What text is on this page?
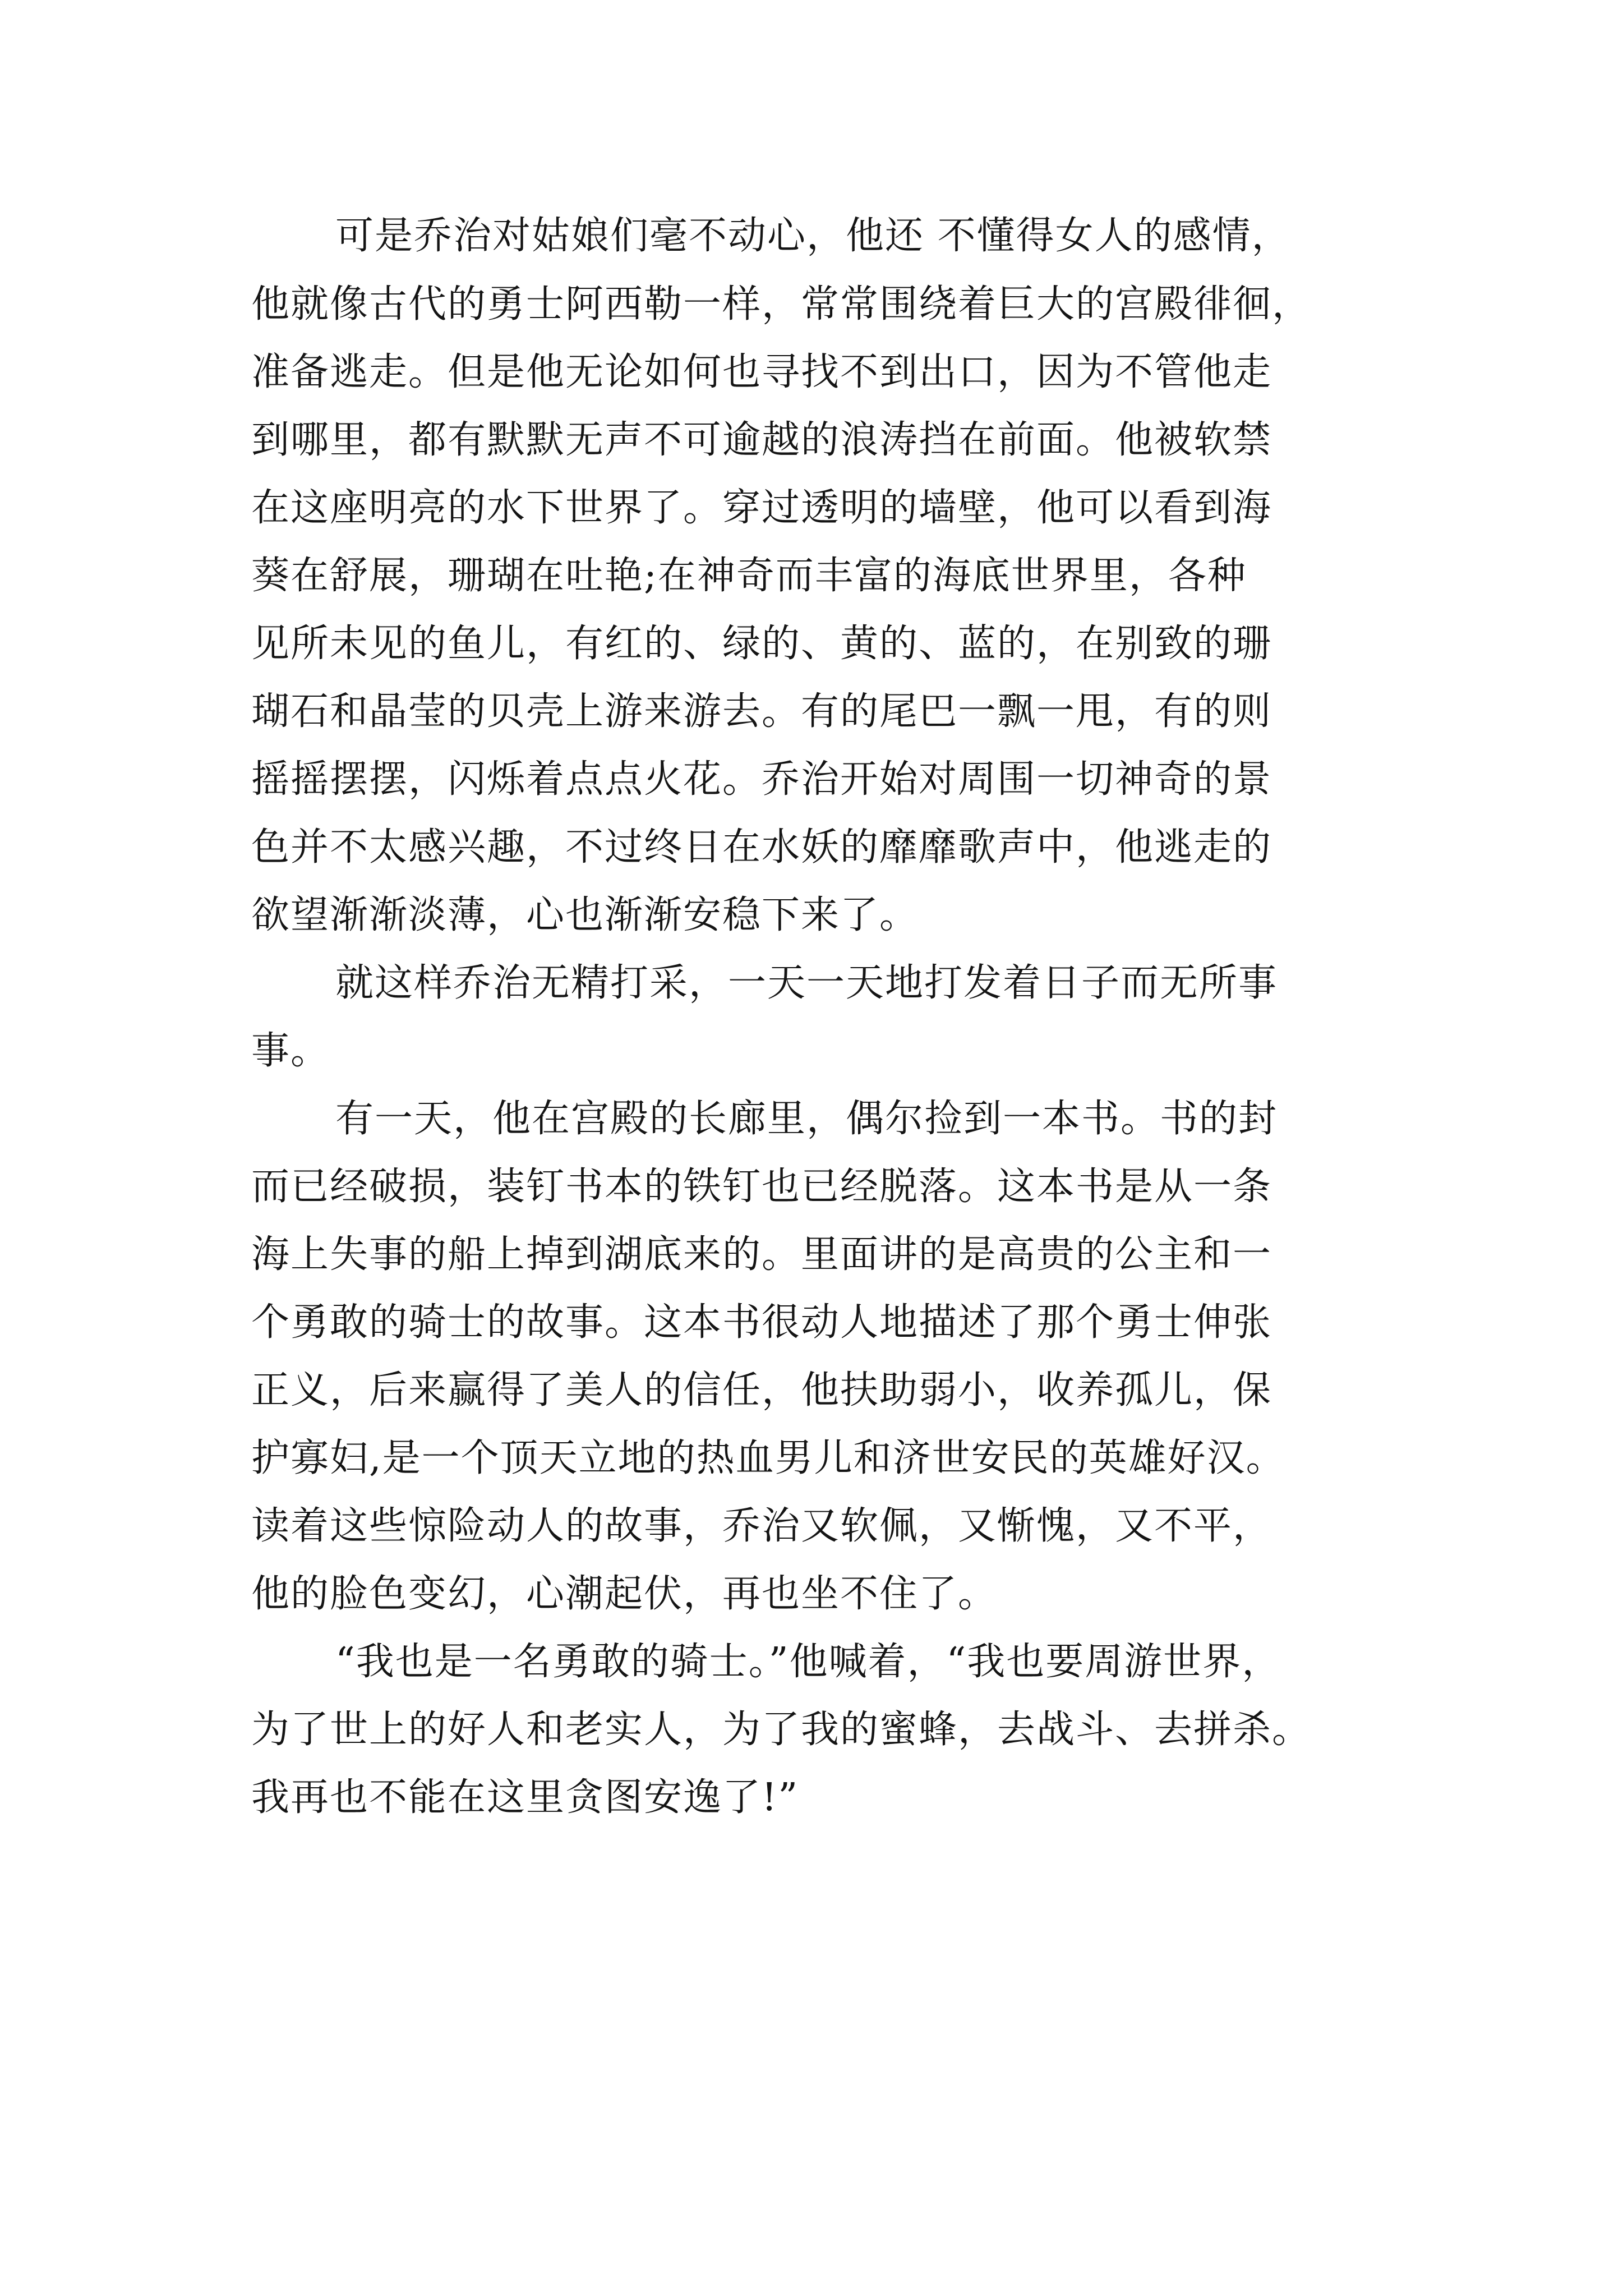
可是乔治对姑娘们毫不动心，他还 不懂得女人的感情，
他就像古代的勇士阿西勒一样，常常围绕着巨大的宫殿徘徊，
准备逃走。但是他无论如何也寻找不到出口，因为不管他走
到哪里，都有默默无声不可逾越的浪涛挡在前面。他被软禁
在这座明亮的水下世界了。穿过透明的墙壁，他可以看到海
葵在舒展，珊瑚在吐艳;在神奇而丰富的海底世界里，各种
见所未见的鱼儿，有红的、绿的、黄的、蓝的，在别致的珊
瑚石和晶莹的贝壳上游来游去。有的尾巴一飘一甩，有的则
摇摇摆摆，闪烁着点点火花。乔治开始对周围一切神奇的景
色并不太感兴趣，不过终日在水妖的靡靡歌声中，他逃走的
欲望渐渐淡薄，心也渐渐安稳下来了。
就这样乔治无精打采，一天一天地打发着日子而无所事
事。
有一天，他在宫殿的长廊里，偶尔捡到一本书。书的封
而已经破损，装钉书本的铁钉也已经脱落。这本书是从一条
海上失事的船上掉到湖底来的。里面讲的是高贵的公主和一
个勇敢的骑士的故事。这本书很动人地描述了那个勇士伸张
正义，后来赢得了美人的信任，他扶助弱小，收养孤儿，保
护寡妇,是一个顶天立地的热血男儿和济世安民的英雄好汉。
读着这些惊险动人的故事，乔治又软佩，又惭愧，又不平，
他的脸色变幻，心潮起伏，再也坐不住了。
“我也是一名勇敢的骑士。”他喊着，“我也要周游世界，
为了世上的好人和老实人，为了我的蜜蜂，去战斗、去拼杀。
我再也不能在这里贪图安逸了!”
